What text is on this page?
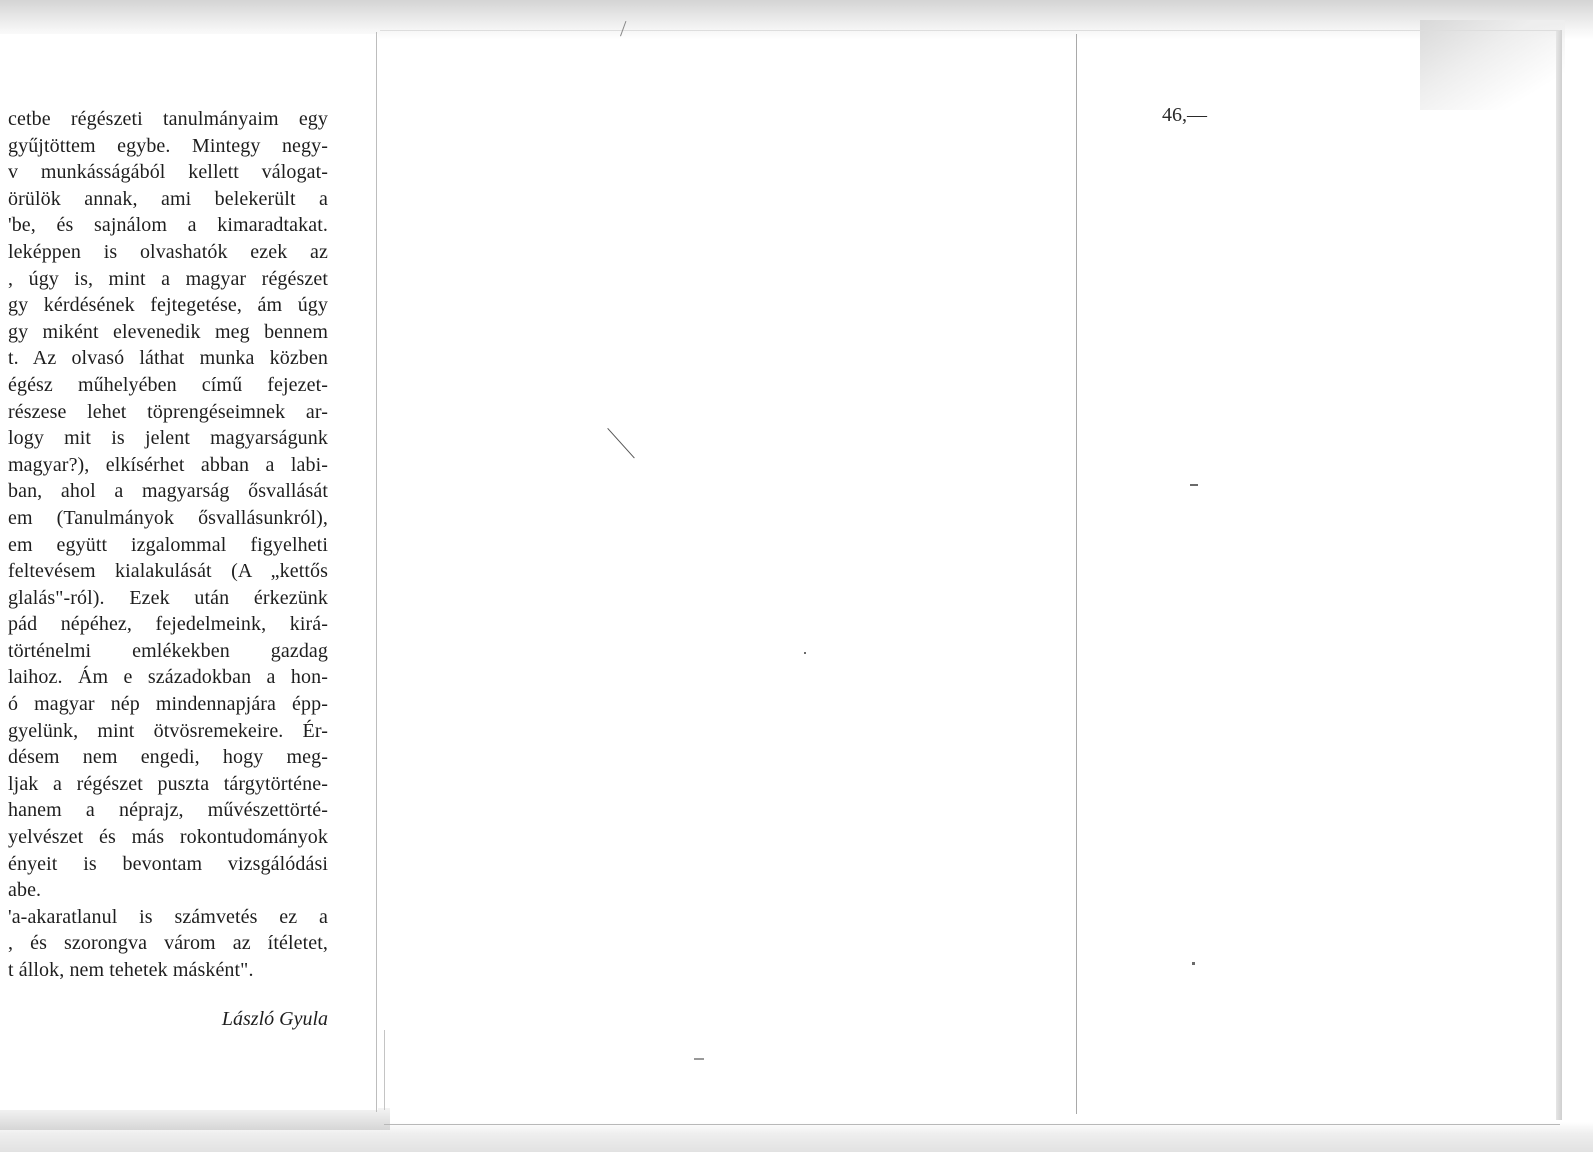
cetbe régészeti tanulmányaim egy
gyűjtöttem egybe. Mintegy negy-
v munkásságából kellett válogat-
örülök annak, ami belekerült a
'be, és sajnálom a kimaradtakat.
leképpen is olvashatók ezek az
, úgy is, mint a magyar régészet
gy kérdésének fejtegetése, ám úgy
gy miként elevenedik meg bennem
t. Az olvasó láthat munka közben
égész műhelyében című fejezet-
részese lehet töprengéseimnek ar-
logy mit is jelent magyarságunk
magyar?), elkísérhet abban a labi-
ban, ahol a magyarság ősvallását
em (Tanulmányok ősvallásunkról),
em együtt izgalommal figyelheti
feltevésem kialakulását (A „kettős
glalás"-ról). Ezek után érkezünk
pád népéhez, fejedelmeink, kirá-
történelmi emlékekben gazdag
laihoz. Ám e századokban a hon-
ó magyar nép mindennapjára épp-
gyelünk, mint ötvösremekeire. Ér-
désem nem engedi, hogy meg-
ljak a régészet puszta tárgytörténe-
hanem a néprajz, művészettörté-
yelvészet és más rokontudományok
ényeit is bevontam vizsgálódási
abe.
'a-akaratlanul is számvetés ez a
, és szorongva várom az ítéletet,
t állok, nem tehetek másként".
László Gyula
46,—
